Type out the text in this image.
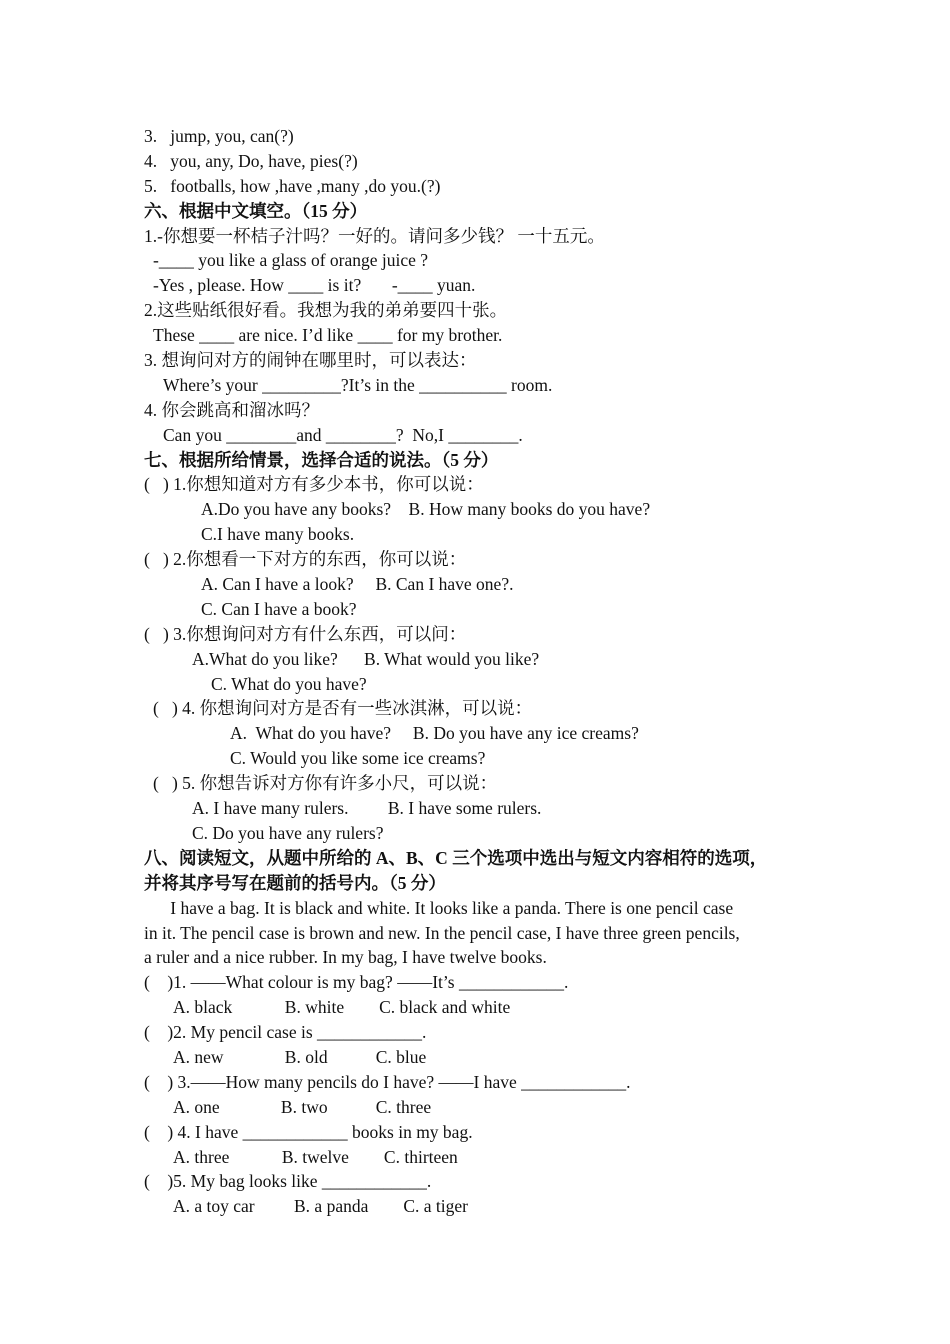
3.   jump, you, can(?)
4.   you, any, Do, have, pies(?)
5.   footballs, how ,have ,many ,do you.(?)
六、根据中文填空。（15 分）
1.-你想要一杯桔子汁吗？一好的。请问多少钱？ 一十五元。
-____ you like a glass of orange juice ?
-Yes , please. How ____ is it?       -____ yuan.
2.这些贴纸很好看。我想为我的弟弟要四十张。
These ____ are nice. I’d like ____ for my brother.
3. 想询问对方的闹钟在哪里时，可以表达：
Where’s your _________?It’s in the __________ room.
4. 你会跳高和溜冰吗？
Can you ________and ________?  No,I ________.
七、根据所给情景，选择合适的说法。（5 分）
(   ) 1.你想知道对方有多少本书，你可以说：
A.Do you have any books?    B. How many books do you have?
C.I have many books.
(   ) 2.你想看一下对方的东西，你可以说：
A. Can I have a look?     B. Can I have one?.
C. Can I have a book?
(   ) 3.你想询问对方有什么东西，可以问：
A.What do you like?      B. What would you like?
C. What do you have?
(   ) 4. 你想询问对方是否有一些冰淇淋，可以说：
A.  What do you have?     B. Do you have any ice creams?
C. Would you like some ice creams?
(   ) 5. 你想告诉对方你有许多小尺，可以说：
A. I have many rulers.         B. I have some rulers.
C. Do you have any rulers?
八、阅读短文，从题中所给的 A、B、C 三个选项中选出与短文内容相符的选项，
并将其序号写在题前的括号内。（5 分）
I have a bag. It is black and white. It looks like a panda. There is one pencil case
in it. The pencil case is brown and new. In the pencil case, I have three green pencils,
a ruler and a nice rubber. In my bag, I have twelve books.
(    )1. ——What colour is my bag? ——It’s ____________.
A. black            B. white        C. black and white
(    )2. My pencil case is ____________.
A. new              B. old           C. blue
(    ) 3.——How many pencils do I have? ——I have ____________.
A. one              B. two           C. three
(    ) 4. I have ____________ books in my bag.
A. three            B. twelve        C. thirteen
(    )5. My bag looks like ____________.
A. a toy car         B. a panda        C. a tiger
